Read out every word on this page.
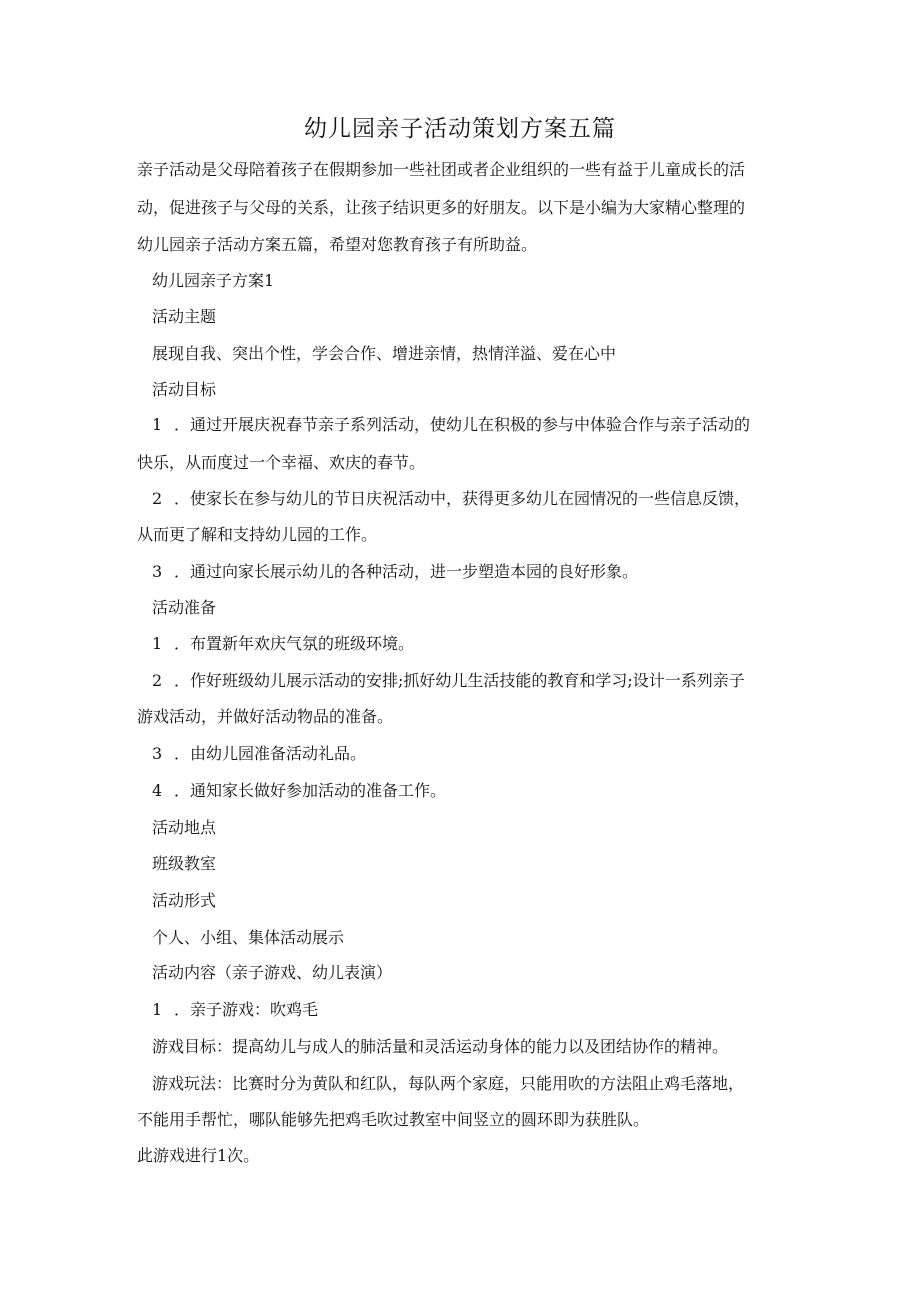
幼儿园亲子活动策划方案五篇
亲子活动是父母陪着孩子在假期参加一些社团或者企业组织的一些有益于儿童成长的活
动，促进孩子与父母的关系，让孩子结识更多的好朋友。以下是小编为大家精心整理的
幼儿园亲子活动方案五篇，希望对您教育孩子有所助益。
幼儿园亲子方案1
活动主题
展现自我、突出个性，学会合作、增进亲情，热情洋溢、爱在心中
活动目标
1 ．通过开展庆祝春节亲子系列活动，使幼儿在积极的参与中体验合作与亲子活动的
快乐，从而度过一个幸福、欢庆的春节。
2 ．使家长在参与幼儿的节日庆祝活动中，获得更多幼儿在园情况的一些信息反馈，
从而更了解和支持幼儿园的工作。
3 ．通过向家长展示幼儿的各种活动，进一步塑造本园的良好形象。
活动准备
1 ．布置新年欢庆气氛的班级环境。
2 ．作好班级幼儿展示活动的安排;抓好幼儿生活技能的教育和学习;设计一系列亲子
游戏活动，并做好活动物品的准备。
3 ．由幼儿园准备活动礼品。
4 ．通知家长做好参加活动的准备工作。
活动地点
班级教室
活动形式
个人、小组、集体活动展示
活动内容（亲子游戏、幼儿表演）
1 ．亲子游戏：吹鸡毛
游戏目标：提高幼儿与成人的肺活量和灵活运动身体的能力以及团结协作的精神。
游戏玩法：比赛时分为黄队和红队，每队两个家庭，只能用吹的方法阻止鸡毛落地，
不能用手帮忙，哪队能够先把鸡毛吹过教室中间竖立的圆环即为获胜队。
此游戏进行1次。
